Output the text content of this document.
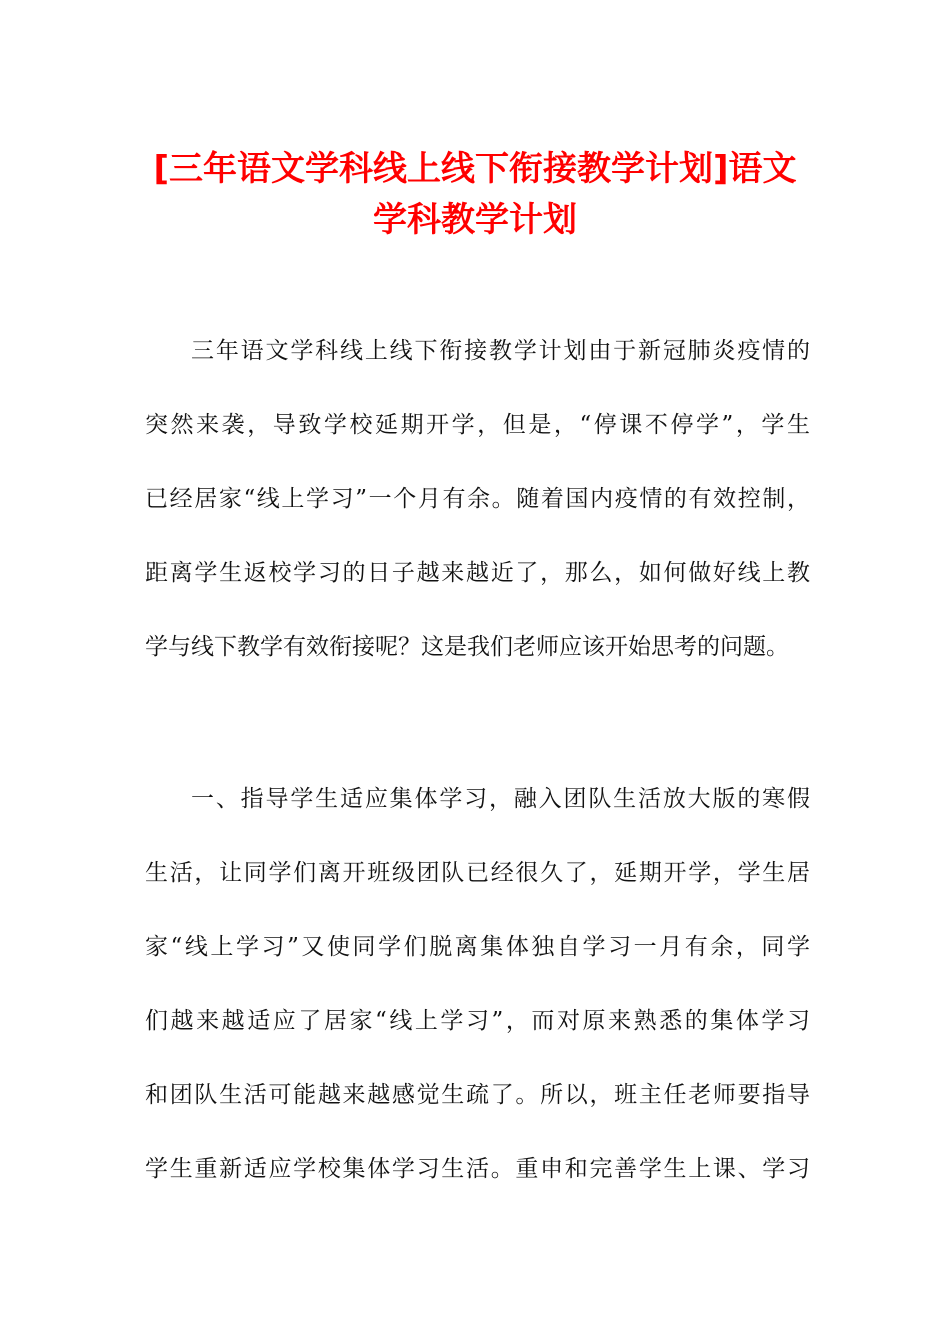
[三年语文学科线上线下衔接教学计划]语文
学科教学计划
三年语文学科线上线下衔接教学计划由于新冠肺炎疫情的
突然来袭，导致学校延期开学，但是，“停课不停学”，学生
已经居家“线上学习”一个月有余。随着国内疫情的有效控制，
距离学生返校学习的日子越来越近了，那么，如何做好线上教
学与线下教学有效衔接呢？这是我们老师应该开始思考的问题。
一、指导学生适应集体学习，融入团队生活放大版的寒假
生活，让同学们离开班级团队已经很久了，延期开学，学生居
家“线上学习”又使同学们脱离集体独自学习一月有余，同学
们越来越适应了居家“线上学习”，而对原来熟悉的集体学习
和团队生活可能越来越感觉生疏了。所以，班主任老师要指导
学生重新适应学校集体学习生活。重申和完善学生上课、学习
